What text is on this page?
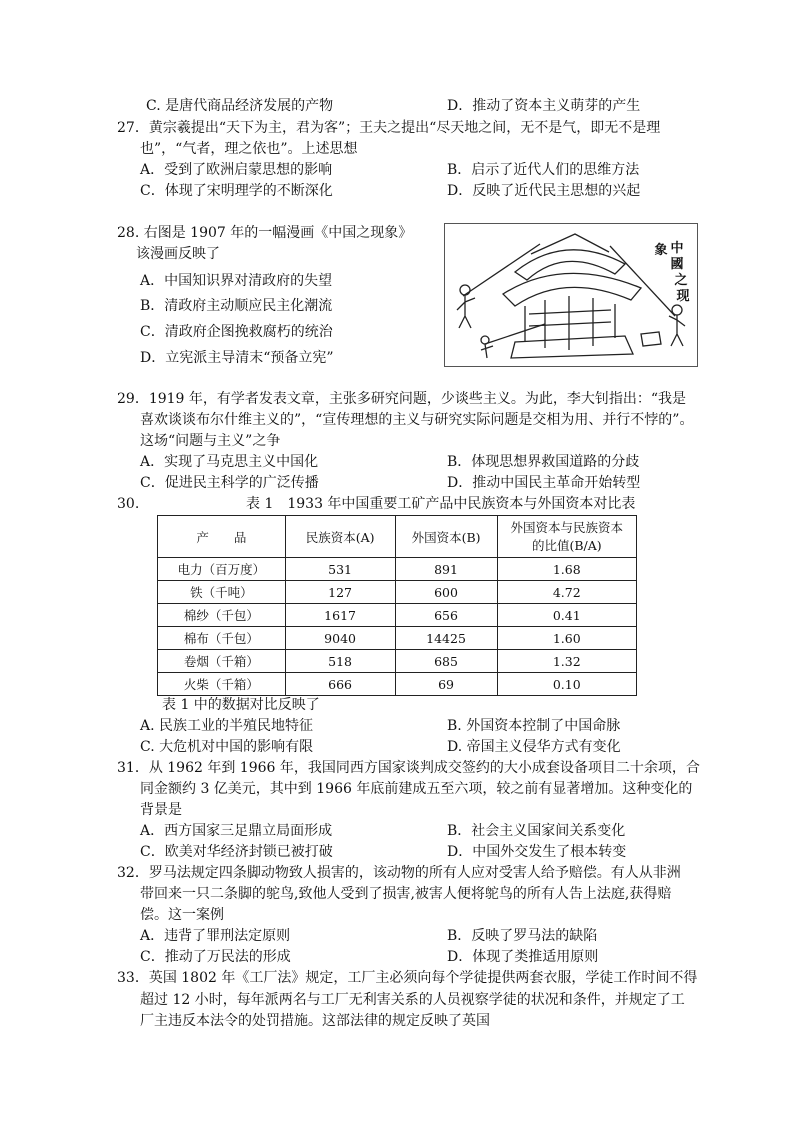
C. 是唐代商品经济发展的产物	D．推动了资本主义萌芽的产生
27．黄宗羲提出“天下为主，君为客”；王夫之提出“尽天地之间，无不是气，即无不是理
也”，“气者，理之依也”。上述思想
A．受到了欧洲启蒙思想的影响	B．启示了近代人们的思维方法
C．体现了宋明理学的不断深化	D．反映了近代民主思想的兴起
28. 右图是 1907 年的一幅漫画《中国之现象》
该漫画反映了
A．中国知识界对清政府的失望
B．清政府主动顺应民主化潮流
C．清政府企图挽救腐朽的统治
D．立宪派主导清末“预备立宪”
中
國
之
现
象
29．1919 年，有学者发表文章，主张多研究问题，少谈些主义。为此，李大钊指出：“我是
喜欢谈谈布尔什维主义的”，“宣传理想的主义与研究实际问题是交相为用、并行不悖的”。
这场“问题与主义”之争
A．实现了马克思主义中国化	B．体现思想界救国道路的分歧
C．促进民主科学的广泛传播	D．推动中国民主革命开始转型
30.	表 1　1933 年中国重要工矿产品中民族资本与外国资本对比表
产　　品	民族资本(A)	外国资本(B)	外国资本与民族资本
的比值(B/A)
电力（百万度）	531	891	1.68
铁（千吨）	127	600	4.72
棉纱（千包）	1617	656	0.41
棉布（千包）	9040	14425	1.60
卷烟（千箱）	518	685	1.32
火柴（千箱）	666	69	0.10
表 1 中的数据对比反映了
A. 民族工业的半殖民地特征	B. 外国资本控制了中国命脉
C. 大危机对中国的影响有限	D. 帝国主义侵华方式有变化
31．从 1962 年到 1966 年，我国同西方国家谈判成交签约的大小成套设备项目二十余项，合
同金额约 3 亿美元，其中到 1966 年底前建成五至六项，较之前有显著增加。这种变化的
背景是
A．西方国家三足鼎立局面形成	B．社会主义国家间关系变化
C．欧美对华经济封锁已被打破	D．中国外交发生了根本转变
32．罗马法规定四条脚动物致人损害的，该动物的所有人应对受害人给予赔偿。有人从非洲
带回来一只二条脚的鸵鸟,致他人受到了损害,被害人便将鸵鸟的所有人告上法庭,获得赔
偿。这一案例
A．违背了罪刑法定原则	B．反映了罗马法的缺陷
C．推动了万民法的形成	D．体现了类推适用原则
33．英国 1802 年《工厂法》规定，工厂主必须向每个学徒提供两套衣服，学徒工作时间不得
超过 12 小时，每年派两名与工厂无利害关系的人员视察学徒的状况和条件，并规定了工
厂主违反本法令的处罚措施。这部法律的规定反映了英国
